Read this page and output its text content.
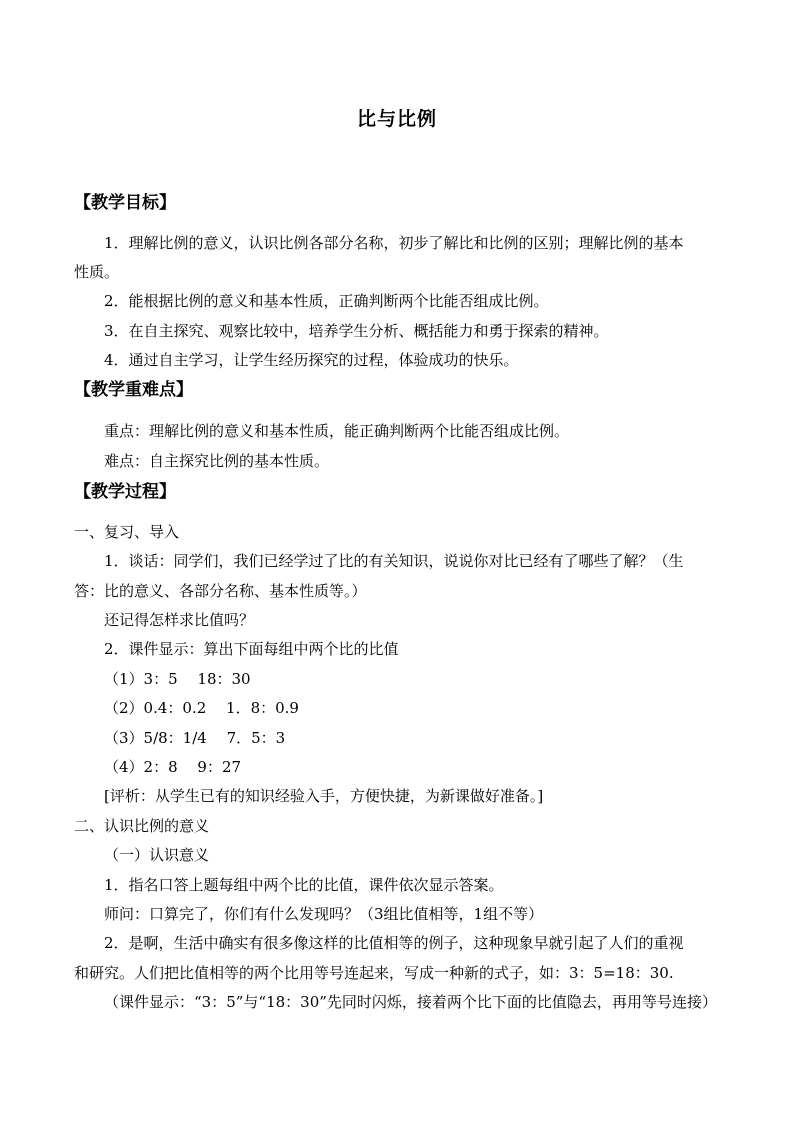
比与比例
【教学目标】
1．理解比例的意义，认识比例各部分名称，初步了解比和比例的区别；理解比例的基本
性质。
2．能根据比例的意义和基本性质，正确判断两个比能否组成比例。
3．在自主探究、观察比较中，培养学生分析、概括能力和勇于探索的精神。
4．通过自主学习，让学生经历探究的过程，体验成功的快乐。
【教学重难点】
重点：理解比例的意义和基本性质，能正确判断两个比能否组成比例。
难点：自主探究比例的基本性质。
【教学过程】
一、复习、导入
1．谈话：同学们，我们已经学过了比的有关知识，说说你对比已经有了哪些了解？（生
答：比的意义、各部分名称、基本性质等。）
还记得怎样求比值吗？
2．课件显示：算出下面每组中两个比的比值
（1）3：5　 18：30
（2）0.4：0.2　 1．8：0.9
（3）5/8：1/4　 7．5：3
（4）2：8　 9：27
[评析：从学生已有的知识经验入手，方便快捷，为新课做好准备。]
二、认识比例的意义
（一）认识意义
1．指名口答上题每组中两个比的比值，课件依次显示答案。
师问：口算完了，你们有什么发现吗？（3组比值相等，1组不等）
2．是啊，生活中确实有很多像这样的比值相等的例子，这种现象早就引起了人们的重视
和研究。人们把比值相等的两个比用等号连起来，写成一种新的式子，如：3：5=18：30.
（课件显示：“3：5”与“18：30”先同时闪烁，接着两个比下面的比值隐去，再用等号连接）
